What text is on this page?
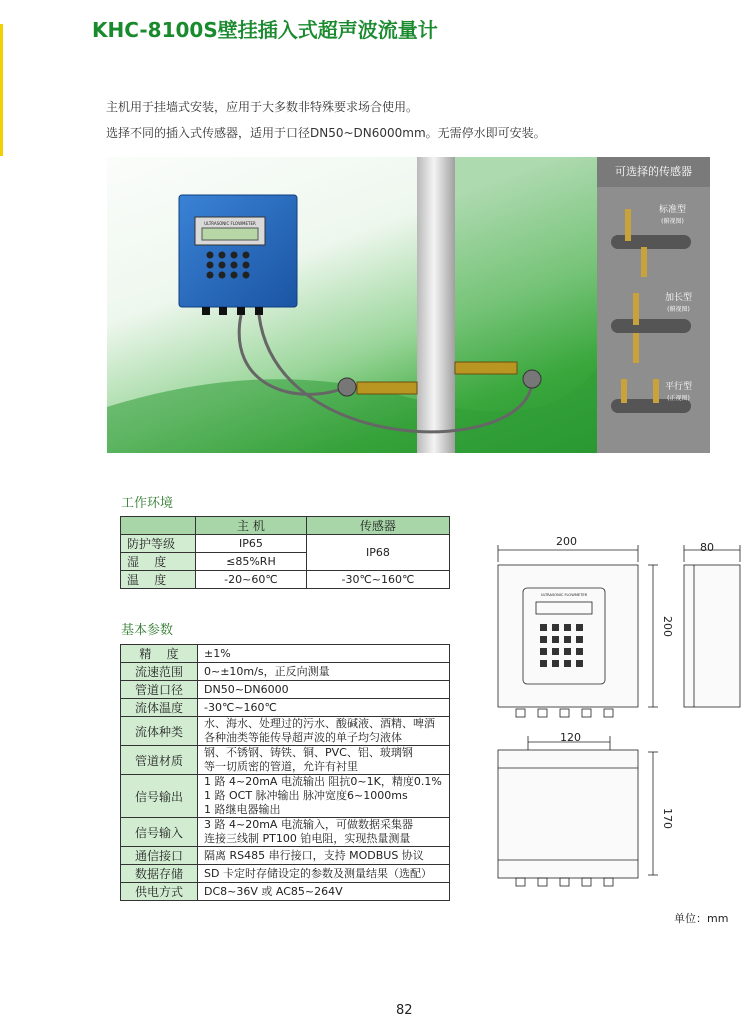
KHC-8100S壁挂插入式超声波流量计
主机用于挂墙式安装，应用于大多数非特殊要求场合使用。
选择不同的插入式传感器，适用于口径DN50~DN6000mm。无需停水即可安装。
ULTRASONIC FLOWMETER
可选择的传感器
标准型
(俯视图)
加长型
(俯视图)
平行型
(正视图)
工作环境
	主 机	传感器
防护等级	IP65	IP68
湿    度	≤85%RH	
温    度	-20~60℃	-30℃~160℃
基本参数
精    度	±1%

流速范围	0~±10m/s，正反向测量

管道口径	DN50~DN6000

流体温度	-30℃~160℃

流体种类	水、海水、处理过的污水、酸碱液、酒精、啤酒
各种油类等能传导超声波的单子均匀液体

管道材质	钢、不锈钢、铸铁、铜、PVC、铝、玻璃钢
等一切质密的管道，允许有衬里

信号输出	1 路 4~20mA 电流输出 阻抗0~1K，精度0.1%
1 路 OCT 脉冲输出 脉冲宽度6~1000ms
1 路继电器输出

信号输入	3 路 4~20mA 电流输入，可做数据采集器
连接三线制 PT100 铂电阻，实现热量测量

通信接口	隔离 RS485 串行接口，支持 MODBUS 协议

数据存储	SD 卡定时存储设定的参数及测量结果（选配）

供电方式	DC8~36V 或 AC85~264V
ULTRASONIC FLOWMETER
200	80
200
120
170
单位：mm
82
